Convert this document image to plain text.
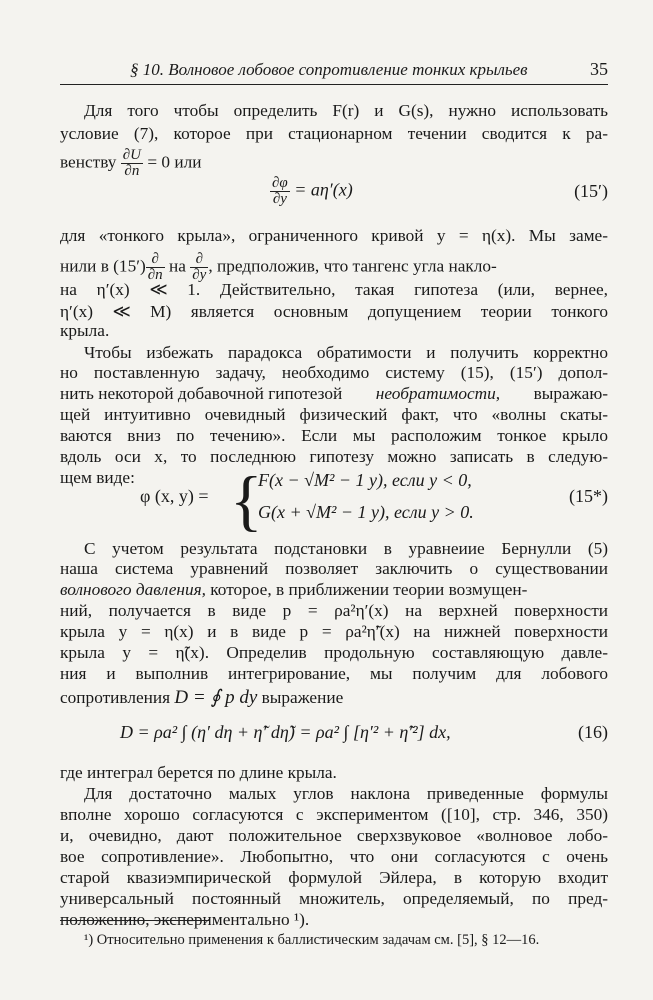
§ 10. Волновое лобовое сопротивление тонких крыльев	35
Для того чтобы определить F(r) и G(s), нужно использовать
условие (7), которое при стационарном течении сводится к ра-
венству $\frac{\partial U}{\partial n} = 0$ или
$\frac{\partial\varphi}{\partial y} = a\eta'(x)$	(15′)
для «тонкого крыла», ограниченного кривой y = η(x). Мы заме-
нили в $(15') \frac{\partial}{\partial n}$ на $\frac{\partial}{\partial y}$ , предположив, что тангенс угла накло-
на η′(x) ≪ 1. Действительно, такая гипотеза (или, вернее,
η′(x) ≪ M) является основным допущением теории тонкого
крыла.
Чтобы избежать парадокса обратимости и получить корректно
но поставленную задачу, необходимо систему (15), (15′) допол-
нить некоторой добавочной гипотезой необратимости, выражаю-
щей интуитивно очевидный физический факт, что «волны скаты-
ваются вниз по течению». Если мы расположим тонкое крыло
вдоль оси x, то последнюю гипотезу можно записать в следую-
щем виде:
φ (x, y) = {
F(x − √M² − 1 y), если y < 0,
G(x + √M² − 1 y), если y > 0.
(15*)
С учетом результата подстановки в уравнеиие Бернулли (5)
наша система уравнений позволяет заключить о существовании
волнового давления, которое, в приближении теории возмущен-
ний, получается в виде p = ρa²η′(x) на верхней поверхности
крыла y = η(x) и в виде p = ρa²η̃′(x) на нижней поверхности
крыла y = η̃(x). Определив продольную составляющую давле-
ния и выполнив интегрирование, мы получим для лобового
сопротивления D = ∮ p dy выражение
D = ρa² ∫ (η′ dη + η̃′ dη̃) = ρa² ∫ [η′² + η̃′²] dx,	(16)
где интеграл берется по длине крыла.
Для достаточно малых углов наклона приведенные формулы
вполне хорошо согласуются с экспериментом ([10], стр. 346, 350)
и, очевидно, дают положительное сверхзвуковое «волновое лобо-
вое сопротивление». Любопытно, что они согласуются с очень
старой квазиэмпирической формулой Эйлера, в которую входит
универсальный постоянный множитель, определяемый, по пред-
положению, экспериментально ¹).
¹) Относительно применения к баллистическим задачам см. [5], § 12—16.
